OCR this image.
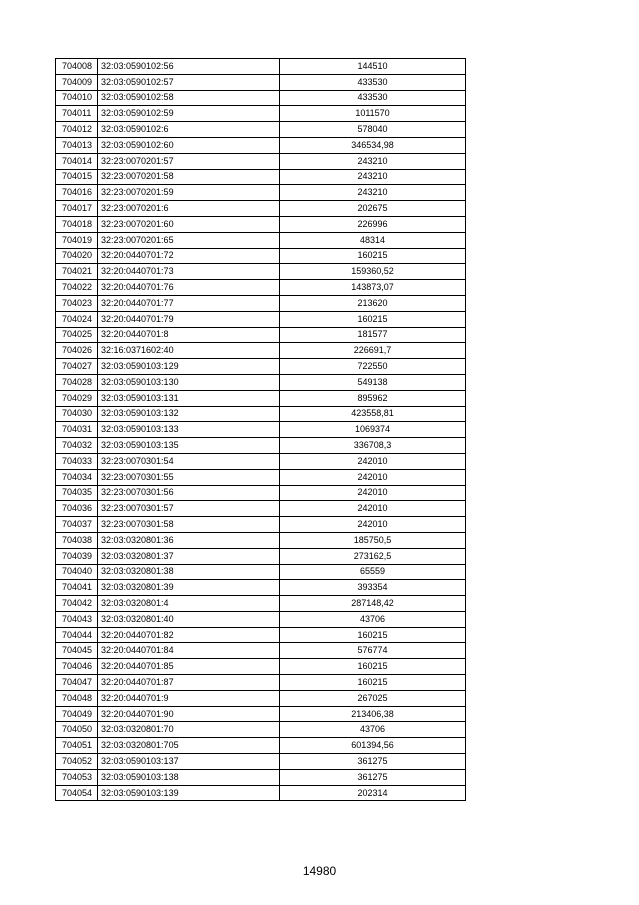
704008	32:03:0590102:56	144510
704009	32:03:0590102:57	433530
704010	32:03:0590102:58	433530
704011	32:03:0590102:59	1011570
704012	32:03:0590102:6	578040
704013	32:03:0590102:60	346534,98
704014	32:23:0070201:57	243210
704015	32:23:0070201:58	243210
704016	32:23:0070201:59	243210
704017	32:23:0070201:6	202675
704018	32:23:0070201:60	226996
704019	32:23:0070201:65	48314
704020	32:20:0440701:72	160215
704021	32:20:0440701:73	159360,52
704022	32:20:0440701:76	143873,07
704023	32:20:0440701:77	213620
704024	32:20:0440701:79	160215
704025	32:20:0440701:8	181577
704026	32:16:0371602:40	226691,7
704027	32:03:0590103:129	722550
704028	32:03:0590103:130	549138
704029	32:03:0590103:131	895962
704030	32:03:0590103:132	423558,81
704031	32:03:0590103:133	1069374
704032	32:03:0590103:135	336708,3
704033	32:23:0070301:54	242010
704034	32:23:0070301:55	242010
704035	32:23:0070301:56	242010
704036	32:23:0070301:57	242010
704037	32:23:0070301:58	242010
704038	32:03:0320801:36	185750,5
704039	32:03:0320801:37	273162,5
704040	32:03:0320801:38	65559
704041	32:03:0320801:39	393354
704042	32:03:0320801:4	287148,42
704043	32:03:0320801:40	43706
704044	32:20:0440701:82	160215
704045	32:20:0440701:84	576774
704046	32:20:0440701:85	160215
704047	32:20:0440701:87	160215
704048	32:20:0440701:9	267025
704049	32:20:0440701:90	213406,38
704050	32:03:0320801:70	43706
704051	32:03:0320801:705	601394,56
704052	32:03:0590103:137	361275
704053	32:03:0590103:138	361275
704054	32:03:0590103:139	202314
14980
